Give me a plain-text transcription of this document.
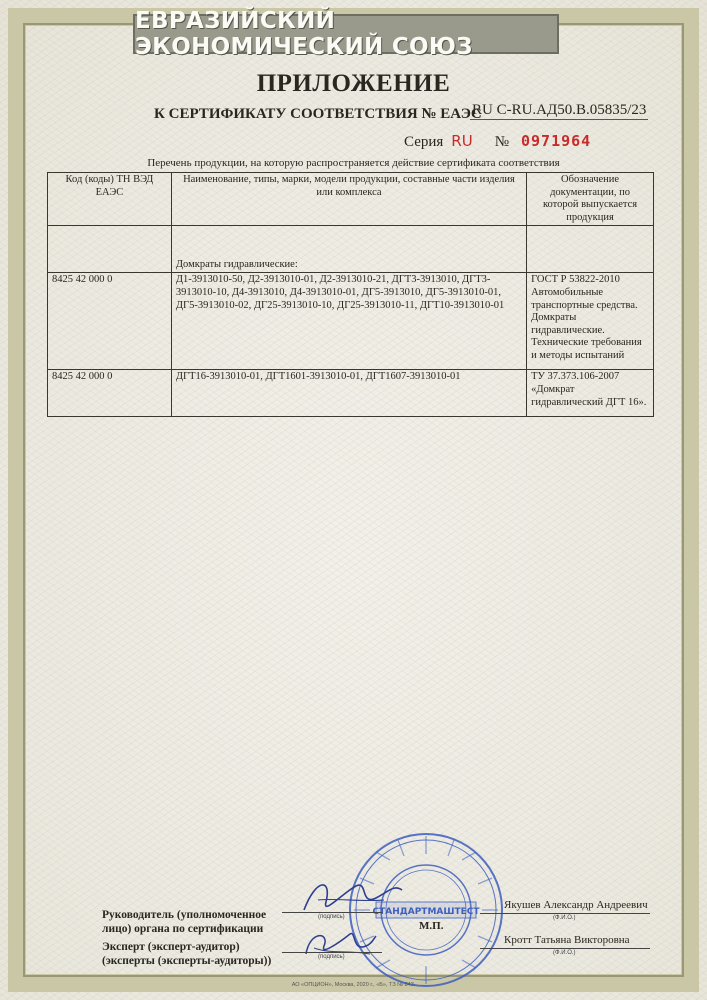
ЕВРАЗИЙСКИЙ ЭКОНОМИЧЕСКИЙ СОЮЗ
ПРИЛОЖЕНИЕ
К СЕРТИФИКАТУ СООТВЕТСТВИЯ № ЕАЭС
RU С-RU.АД50.В.05835/23
Серия RU № 0971964
Перечень продукции, на которую распространяется действие сертификата соответствия
Код (коды) ТН ВЭД ЕАЭС	Наименование, типы, марки, модели продукции, составные части изделия или комплекса	Обозначение документации, по которой выпускается продукция
	Домкраты гидравлические:	
8425 42 000 0	Д1-3913010-50, Д2-3913010-01, Д2-3913010-21, ДГТ3-3913010, ДГТ3-3913010-10, Д4-3913010, Д4-3913010-01, ДГ5-3913010, ДГ5-3913010-01, ДГ5-3913010-02, ДГ25-3913010-10, ДГ25-3913010-11, ДГТ10-3913010-01	ГОСТ Р 53822-2010 Автомобильные транспортные средства. Домкраты гидравлические. Технические требования и методы испытаний
8425 42 000 0	ДГТ16-3913010-01, ДГТ1601-3913010-01, ДГТ1607-3913010-01	ТУ 37.373.106-2007 «Домкрат гидравлический ДГТ 16».
СТАНДАРТМАШТЕСТ
Руководитель (уполномоченное
лицо) органа по сертификации
(подпись)
Якушев Александр Андреевич
(Ф.И.О.)
М.П.
Эксперт (эксперт-аудитор)
(эксперты (эксперты-аудиторы))	(подпись)
Кротт Татьяна Викторовна
(Ф.И.О.)
АО «ОПЦИОН», Москва, 2020 г., «Б», ТЗ № 843.
